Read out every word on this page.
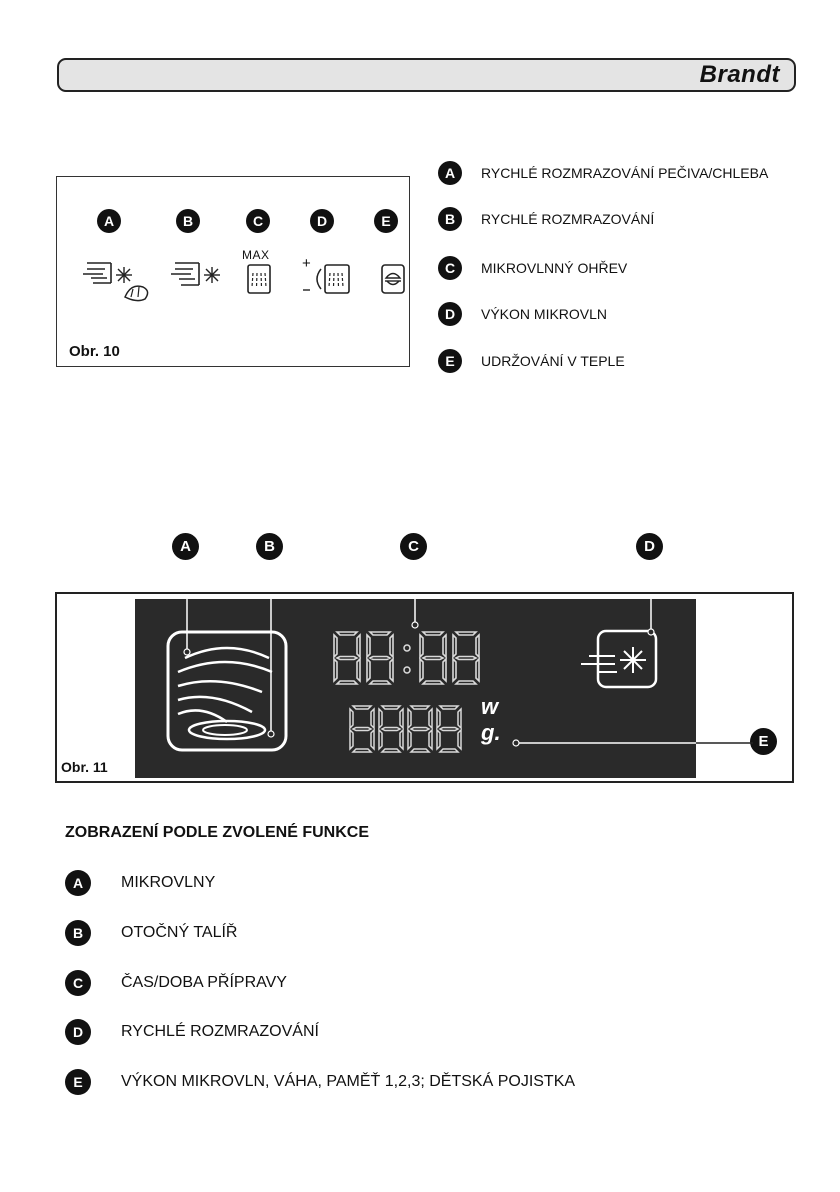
Brandt
A	B	C	D	E
MAX +
Obr. 10
A	RYCHLÉ ROZMRAZOVÁNÍ PEČIVA/CHLEBA
B	RYCHLÉ ROZMRAZOVÁNÍ
C	MIKROVLNNÝ OHŘEV
D	VÝKON MIKROVLN
E	UDRŽOVÁNÍ V TEPLE
A	B	C	D
E
w
g.
Obr. 11
ZOBRAZENÍ PODLE ZVOLENÉ FUNKCE
A	MIKROVLNY
B	OTOČNÝ TALÍŘ
C	ČAS/DOBA PŘÍPRAVY
D	RYCHLÉ ROZMRAZOVÁNÍ
E	VÝKON MIKROVLN, VÁHA, PAMĚŤ 1,2,3; DĚTSKÁ POJISTKA
